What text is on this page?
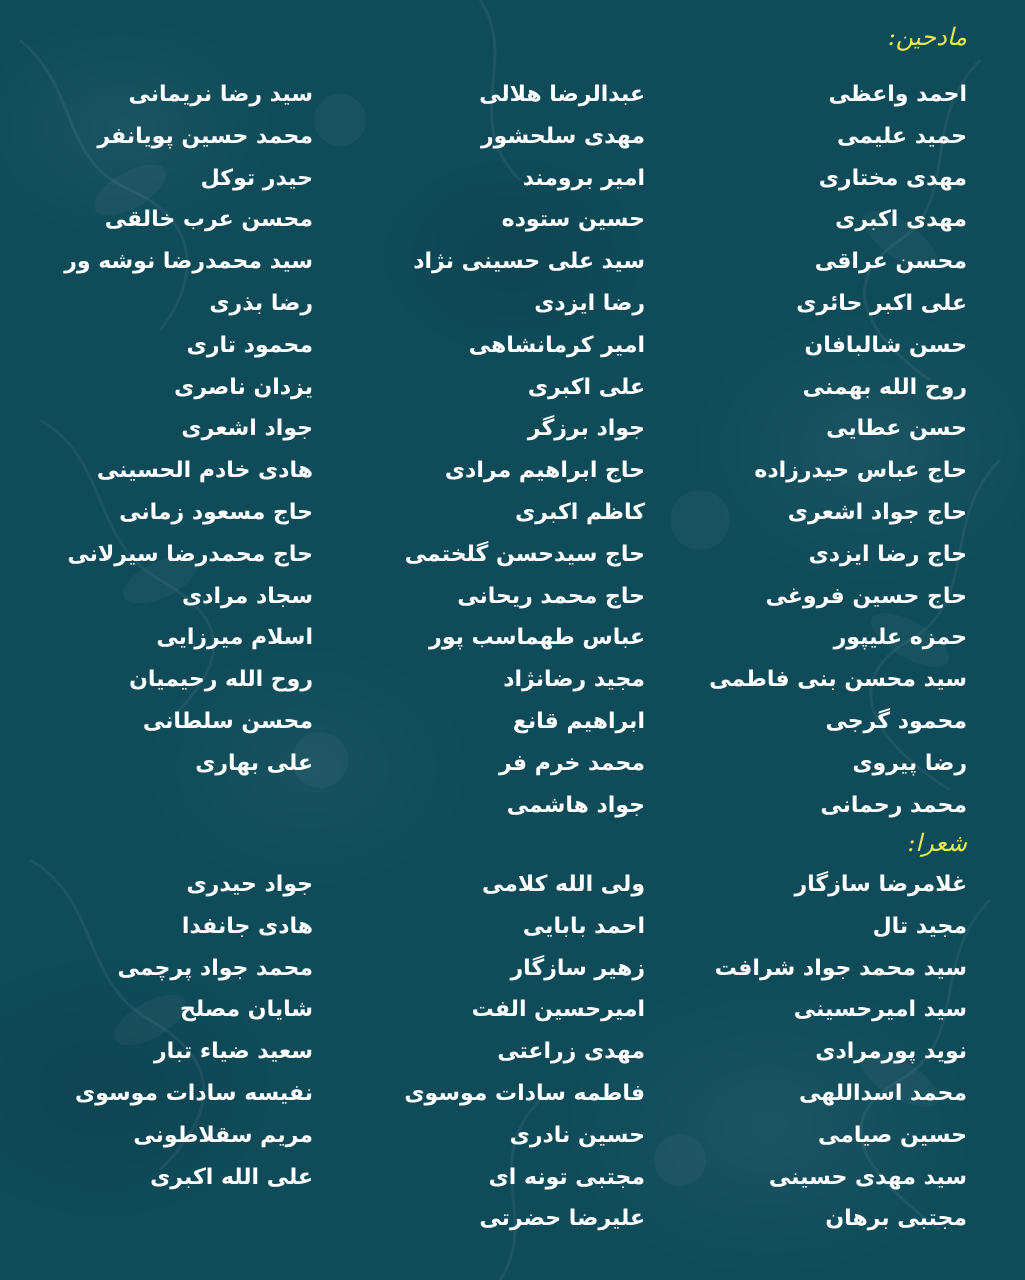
مادحین:
احمد واعظی
حمید علیمی
مهدی مختاری
مهدی اکبری
محسن عراقی
علی اکبر حائری
حسن شالبافان
روح الله بهمنی
حسن عطایی
حاج عباس حیدرزاده
حاج جواد اشعری
حاج رضا ایزدی
حاج حسین فروغی
حمزه علیپور
سید محسن بنی فاطمی
محمود گرجی
رضا پیروی
محمد رحمانی
عبدالرضا هلالی
مهدی سلحشور
امیر برومند
حسین ستوده
سید علی حسینی نژاد
رضا ایزدی
امیر کرمانشاهی
علی اکبری
جواد برزگر
حاج ابراهیم مرادی
کاظم اکبری
حاج سیدحسن گلختمی
حاج محمد ریحانی
عباس طهماسب پور
مجید رضانژاد
ابراهیم قانع
محمد خرم فر
جواد هاشمی
سید رضا نریمانی
محمد حسین پویانفر
حیدر توکل
محسن عرب خالقی
سید محمدرضا نوشه ور
رضا بذری
محمود تاری
یزدان ناصری
جواد اشعری
هادی خادم الحسینی
حاج مسعود زمانی
حاج محمدرضا سیرلانی
سجاد مرادی
اسلام میرزایی
روح الله رحیمیان
محسن سلطانی
علی بهاری
شعرا:
غلامرضا سازگار
مجید تال
سید محمد جواد شرافت
سید امیرحسینی
نوید پورمرادی
محمد اسداللهی
حسین صیامی
سید مهدی حسینی
مجتبی برهان
ولی الله کلامی
احمد بابایی
زهیر سازگار
امیرحسین الفت
مهدی زراعتی
فاطمه سادات موسوی
حسین نادری
مجتبی تونه ای
علیرضا حضرتی
جواد حیدری
هادی جانفدا
محمد جواد پرچمی
شایان مصلح
سعید ضیاء تبار
نفیسه سادات موسوی
مریم سقلاطونی
علی الله اکبری
